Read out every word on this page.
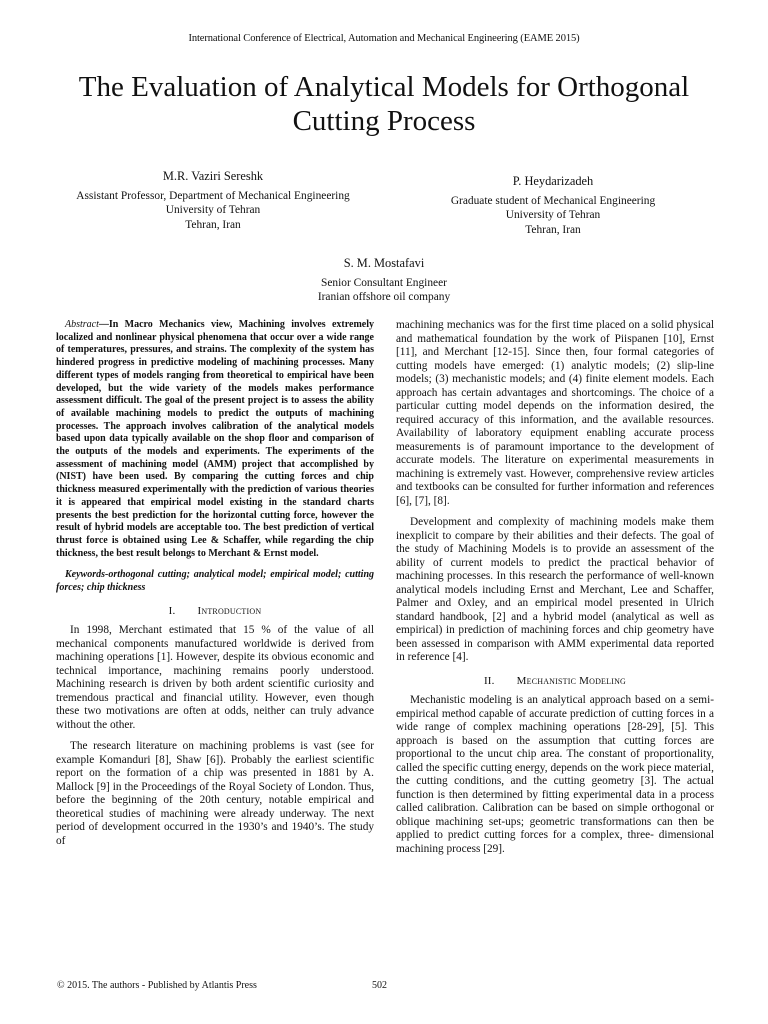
International Conference of Electrical, Automation and Mechanical Engineering (EAME 2015)
The Evaluation of Analytical Models for Orthogonal
Cutting Process
M.R. Vaziri Sereshk
Assistant Professor, Department of Mechanical Engineering
University of Tehran
Tehran, Iran
P. Heydarizadeh
Graduate student of Mechanical Engineering
University of Tehran
Tehran, Iran
S. M. Mostafavi
Senior Consultant Engineer
Iranian offshore oil company

Abstract—In Macro Mechanics view, Machining involves extremely localized and nonlinear physical phenomena that occur over a wide range of temperatures, pressures, and strains. The complexity of the system has hindered progress in predictive modeling of machining processes. Many different types of models ranging from theoretical to empirical have been developed, but the wide variety of the models makes performance assessment difficult. The goal of the present project is to assess the ability of available machining models to predict the outputs of machining processes. The approach involves calibration of the analytical models based upon data typically available on the shop floor and comparison of the outputs of the models and experiments. The experiments of the assessment of machining model (AMM) project that accomplished by (NIST) have been used. By comparing the cutting forces and chip thickness measured experimentally with the prediction of various theories it is appeared that empirical model existing in the standard charts presents the best prediction for the horizontal cutting force, however the result of hybrid models are acceptable too. The best prediction of vertical thrust force is obtained using Lee & Schaffer, while regarding the chip thickness, the best result belongs to Merchant & Ernst model.

Keywords-orthogonal cutting; analytical model; empirical model; cutting forces; chip thickness

I. Introduction

In 1998, Merchant estimated that 15 % of the value of all mechanical components manufactured worldwide is derived from machining operations [1]. However, despite its obvious economic and technical importance, machining remains poorly understood. Machining research is driven by both ardent scientific curiosity and tremendous practical and financial utility. However, even though these two motivations are often at odds, neither can truly advance without the other.

The research literature on machining problems is vast (see for example Komanduri [8], Shaw [6]). Probably the earliest scientific report on the formation of a chip was presented in 1881 by A. Mallock [9] in the Proceedings of the Royal Society of London. Thus, before the beginning of the 20th century, notable empirical and theoretical studies of machining were already underway. The next period of development occurred in the 1930’s and 1940’s. The study of

machining mechanics was for the first time placed on a solid physical and mathematical foundation by the work of Piispanen [10], Ernst [11], and Merchant [12-15]. Since then, four formal categories of cutting models have emerged: (1) analytic models; (2) slip-line models; (3) mechanistic models; and (4) finite element models. Each approach has certain advantages and shortcomings. The choice of a particular cutting model depends on the information desired, the required accuracy of this information, and the available resources. Availability of laboratory equipment enabling accurate process measurements is of paramount importance to the development of accurate models. The literature on experimental measurements in machining is extremely vast. However, comprehensive review articles and textbooks can be consulted for further information and references [6], [7], [8].

Development and complexity of machining models make them inexplicit to compare by their abilities and their defects. The goal of the study of Machining Models is to provide an assessment of the ability of current models to predict the practical behavior of machining processes. In this research the performance of well-known analytical models including Ernst and Merchant, Lee and Schaffer, Palmer and Oxley, and an empirical model presented in Ulrich standard handbook, [2] and a hybrid model (analytical as well as empirical) in prediction of machining forces and chip geometry have been assessed in comparison with AMM experimental data reported in reference [4].

II. Mechanistic Modeling

Mechanistic modeling is an analytical approach based on a semi-empirical method capable of accurate prediction of cutting forces in a wide range of complex machining operations [28-29], [5]. This approach is based on the assumption that cutting forces are proportional to the uncut chip area. The constant of proportionality, called the specific cutting energy, depends on the work piece material, the cutting conditions, and the cutting geometry [3]. The actual function is then determined by fitting experimental data in a process called calibration. Calibration can be based on simple orthogonal or oblique machining set-ups; geometric transformations can then be applied to predict cutting forces for a complex, three- dimensional machining process [29].

© 2015. The authors - Published by Atlantis Press	502
